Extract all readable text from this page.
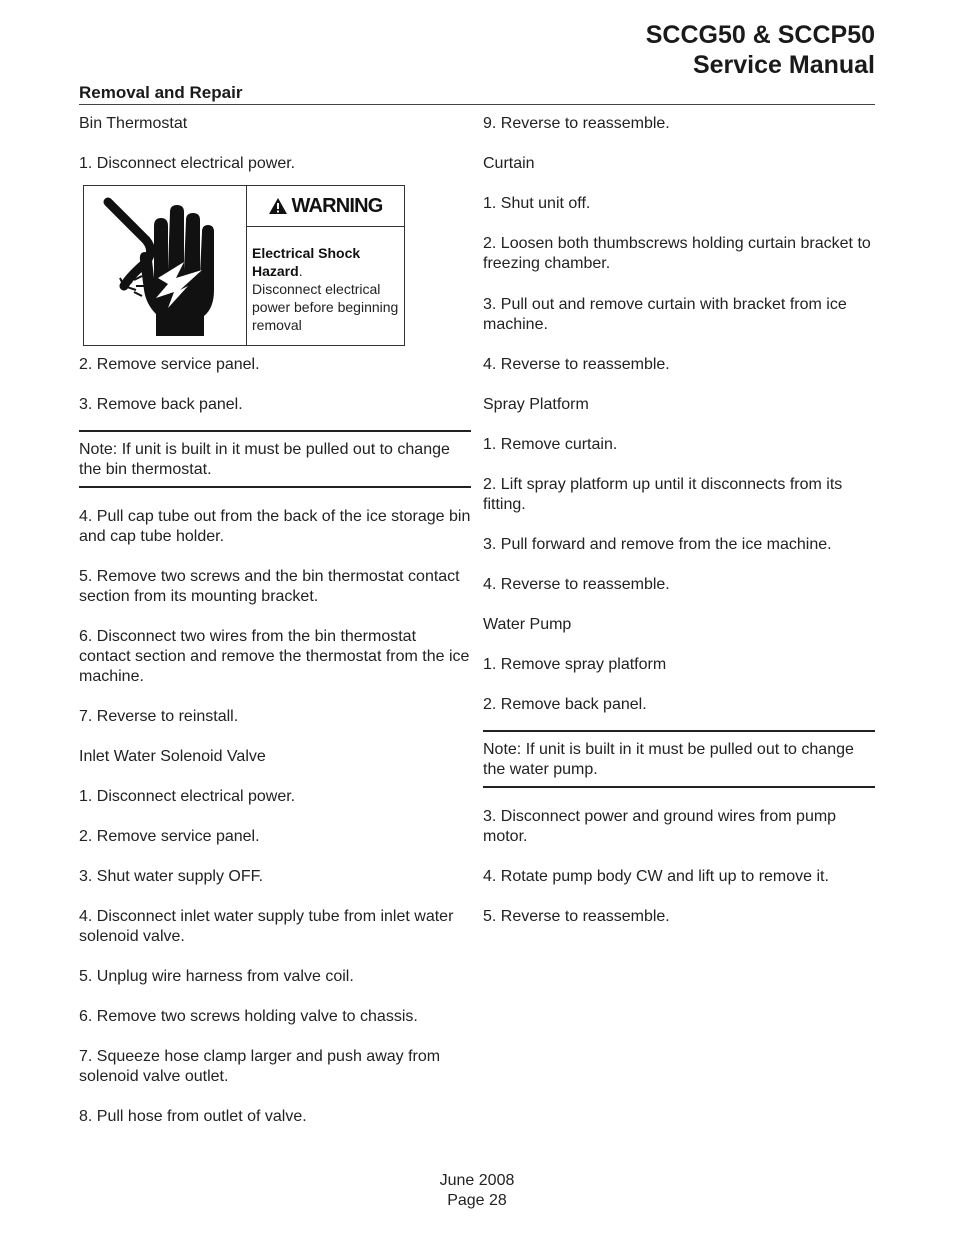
SCCG50 & SCCP50
Service Manual
Removal and Repair

Bin Thermostat

1. Disconnect electrical power.

WARNING
Electrical Shock Hazard.
Disconnect electrical power before beginning removal

2. Remove service panel.

3. Remove back panel.

Note: If unit is built in it must be pulled out to change the bin thermostat.

4. Pull cap tube out from the back of the ice storage bin and cap tube holder.

5. Remove two screws and the bin thermostat contact section from its mounting bracket.

6. Disconnect two wires from the bin thermostat contact section and remove the thermostat from the ice machine.

7. Reverse to reinstall.

Inlet Water Solenoid Valve

1. Disconnect electrical power.

2. Remove service panel.

3. Shut water supply OFF.

4. Disconnect inlet water supply tube from inlet water solenoid valve.

5. Unplug wire harness from valve coil.

6. Remove two screws holding valve to chassis.

7. Squeeze hose clamp larger and push away from solenoid valve outlet.

8. Pull hose from outlet of valve.

9. Reverse to reassemble.

Curtain

1. Shut unit off.

2. Loosen both thumbscrews holding curtain bracket to freezing chamber.

3. Pull out and remove curtain with bracket from ice machine.

4. Reverse to reassemble.

Spray Platform

1. Remove curtain.

2. Lift spray platform up until it disconnects from its fitting.

3. Pull forward and remove from the ice machine.

4. Reverse to reassemble.

Water Pump

1. Remove spray platform

2. Remove back panel.

Note: If unit is built in it must be pulled out to change the water pump.

3. Disconnect power and ground wires from pump motor.

4. Rotate pump body CW and lift up to remove it.

5. Reverse to reassemble.

June 2008
Page 28
